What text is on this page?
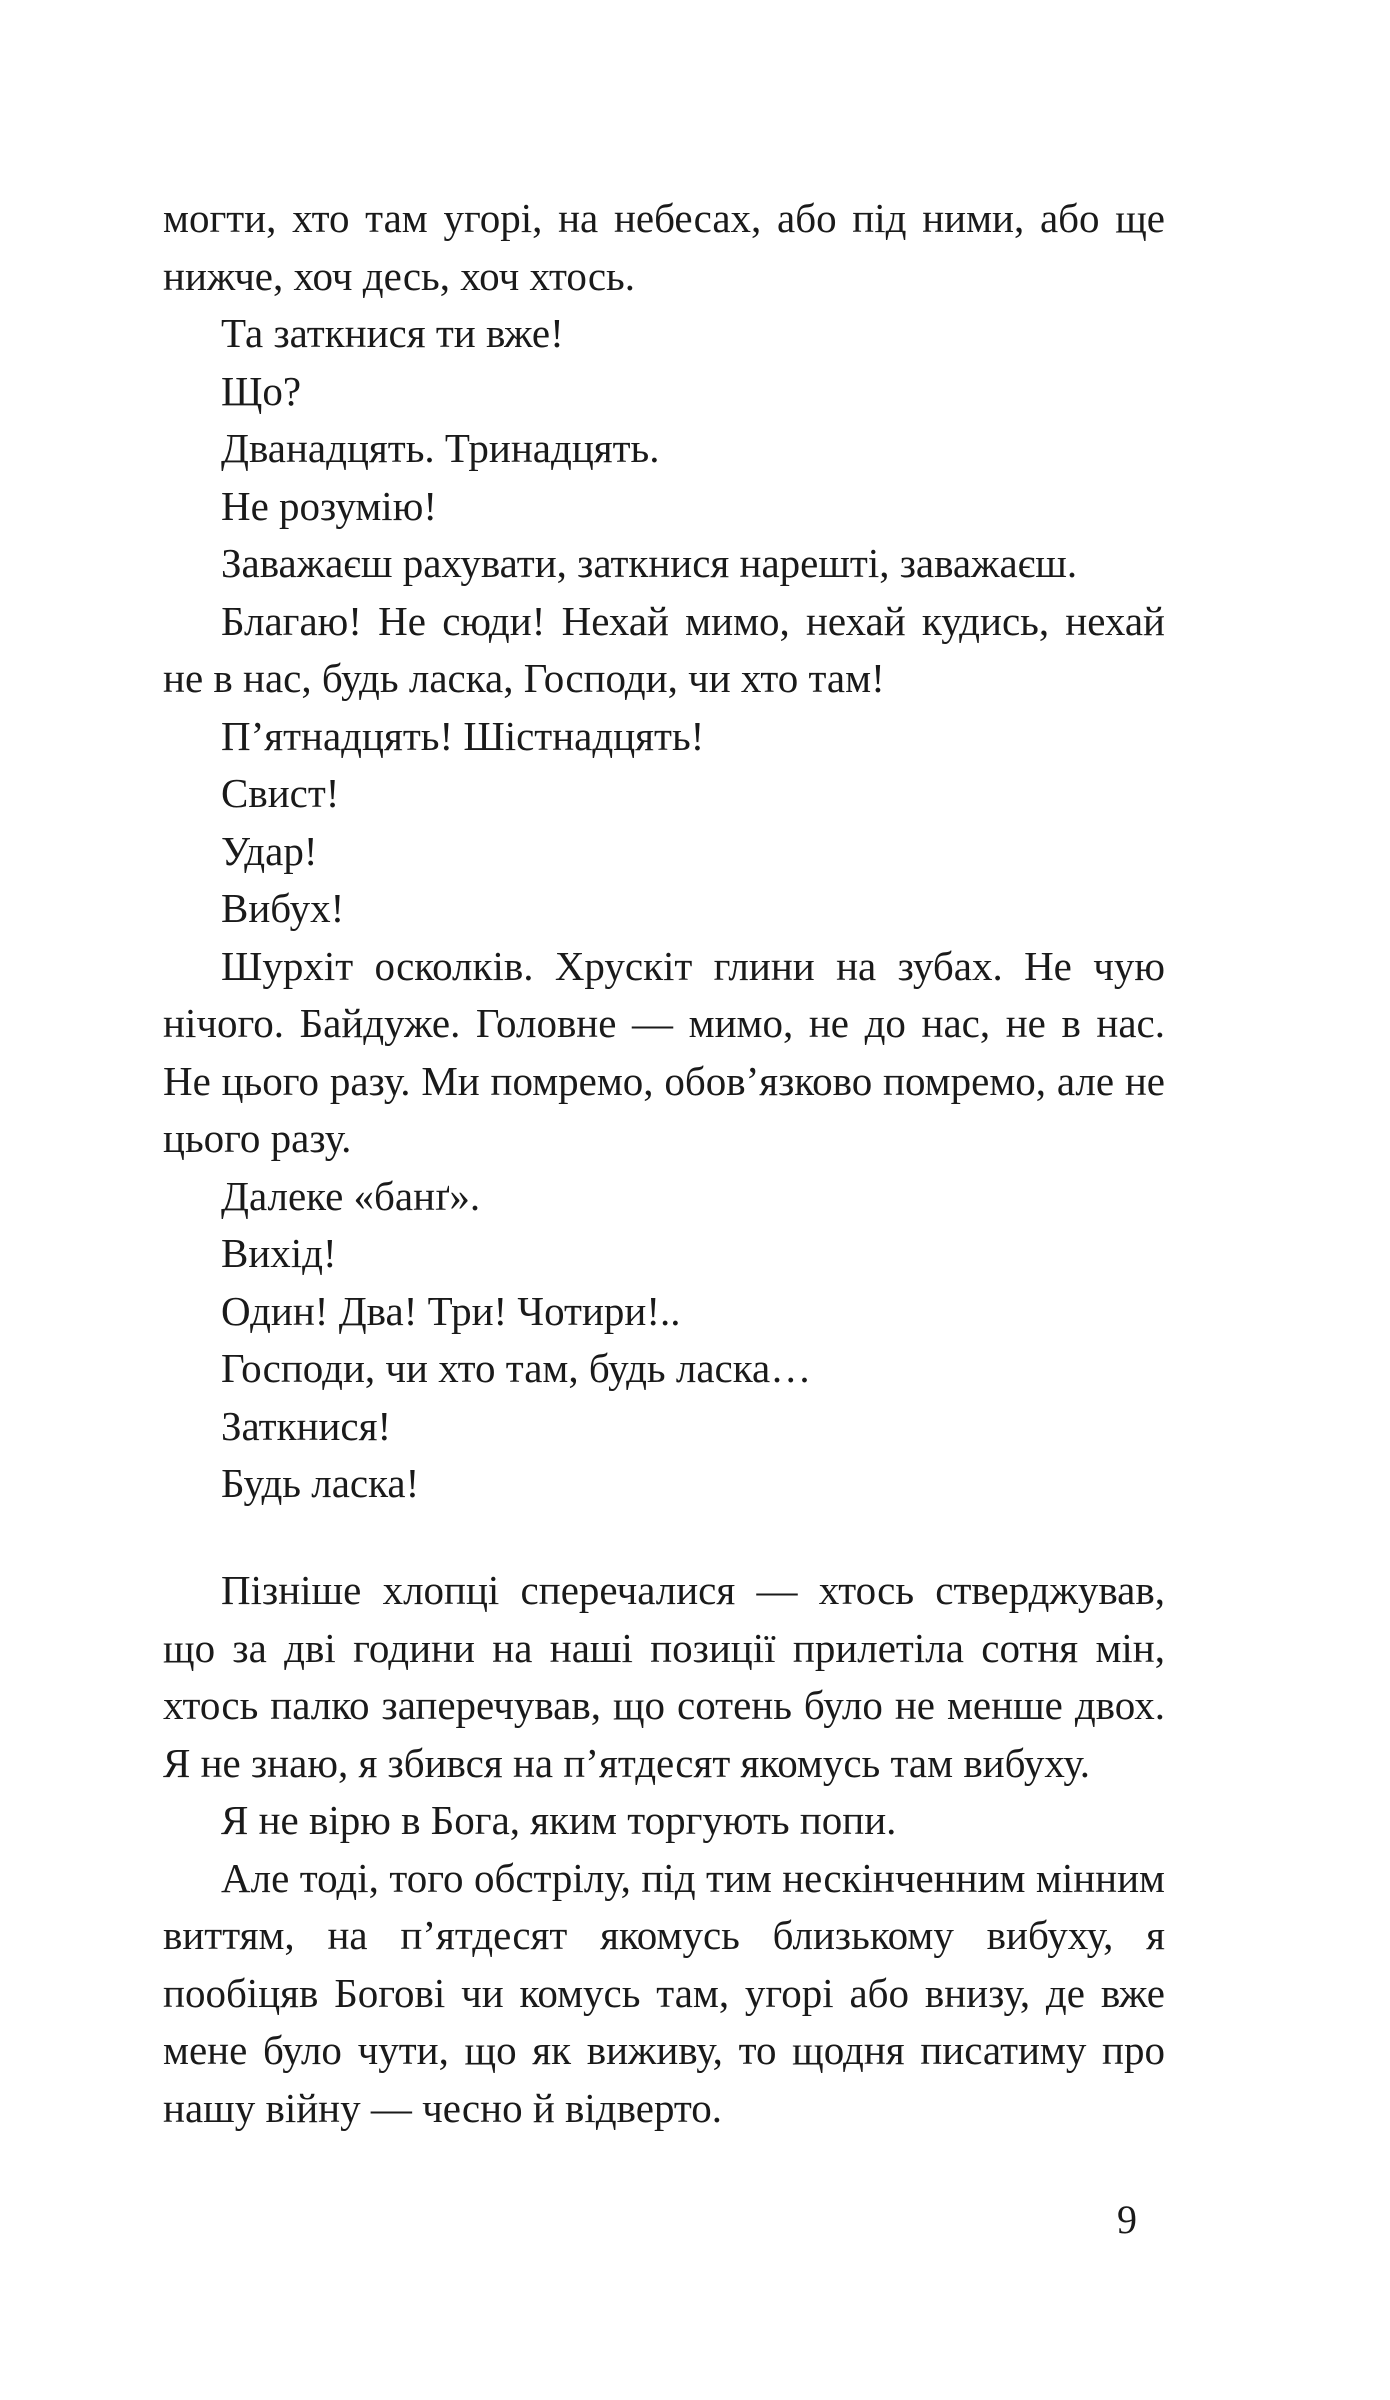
могти, хто там угорі, на небесах, або під ними, або ще нижче, хоч десь, хоч хтось.

Та заткнися ти вже!

Що?

Дванадцять. Тринадцять.

Не розумію!

Заважаєш рахувати, заткнися нарешті, заважаєш.

Благаю! Не сюди! Нехай мимо, нехай кудись, нехай не в нас, будь ласка, Господи, чи хто там!

П’ятнадцять! Шістнадцять!

Свист!

Удар!

Вибух!

Шурхіт осколків. Хрускіт глини на зубах. Не чую нічого. Байдуже. Головне — мимо, не до нас, не в нас. Не цього разу. Ми помремо, обов’язково помремо, але не цього разу.

Далеке «банґ».

Вихід!

Один! Два! Три! Чотири!..

Господи, чи хто там, будь ласка…

Заткнися!

Будь ласка!

Пізніше хлопці сперечалися — хтось стверджував, що за дві години на наші позиції прилетіла сотня мін, хтось палко заперечував, що сотень було не менше двох. Я не знаю, я збився на п’ятдесят якомусь там вибуху.

Я не вірю в Бога, яким торгують попи.

Але тоді, того обстрілу, під тим нескінченним мінним виттям, на п’ятдесят якомусь близькому вибуху, я пообіцяв Богові чи комусь там, угорі або внизу, де вже мене було чути, що як виживу, то щодня писатиму про нашу війну — чесно й відверто.

9
